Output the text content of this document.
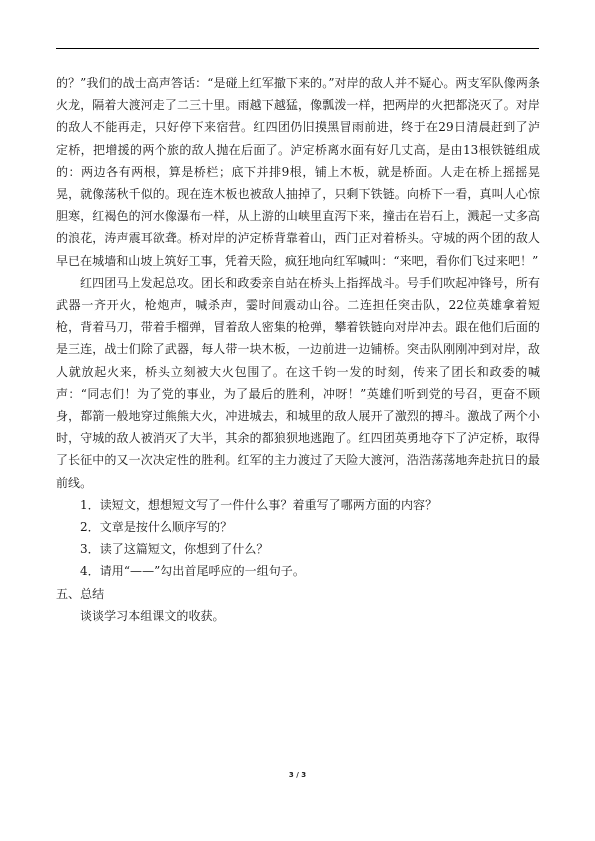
的？”我们的战士高声答话：“是碰上红军撤下来的。”对岸的敌人并不疑心。两支军队像两条火龙，隔着大渡河走了二三十里。雨越下越猛，像瓢泼一样，把两岸的火把都浇灭了。对岸的敌人不能再走，只好停下来宿营。红四团仍旧摸黑冒雨前进，终于在29日清晨赶到了泸定桥，把增援的两个旅的敌人抛在后面了。泸定桥离水面有好几丈高，是由13根铁链组成的：两边各有两根，算是桥栏；底下并排9根，铺上木板，就是桥面。人走在桥上摇摇晃晃，就像荡秋千似的。现在连木板也被敌人抽掉了，只剩下铁链。向桥下一看，真叫人心惊胆寒，红褐色的河水像瀑布一样，从上游的山峡里直泻下来，撞击在岩石上，溅起一丈多高的浪花，涛声震耳欲聋。桥对岸的泸定桥背靠着山，西门正对着桥头。守城的两个团的敌人早已在城墙和山坡上筑好工事，凭着天险，疯狂地向红军喊叫：“来吧，看你们飞过来吧！”

红四团马上发起总攻。团长和政委亲自站在桥头上指挥战斗。号手们吹起冲锋号，所有武器一齐开火，枪炮声，喊杀声，霎时间震动山谷。二连担任突击队，22位英雄拿着短枪，背着马刀，带着手榴弹，冒着敌人密集的枪弹，攀着铁链向对岸冲去。跟在他们后面的是三连，战士们除了武器，每人带一块木板，一边前进一边铺桥。突击队刚刚冲到对岸，敌人就放起火来，桥头立刻被大火包围了。在这千钧一发的时刻，传来了团长和政委的喊声：“同志们！为了党的事业，为了最后的胜利，冲呀！”英雄们听到党的号召，更奋不顾身，都箭一般地穿过熊熊大火，冲进城去，和城里的敌人展开了激烈的搏斗。激战了两个小时，守城的敌人被消灭了大半，其余的都狼狈地逃跑了。红四团英勇地夺下了泸定桥，取得了长征中的又一次决定性的胜利。红军的主力渡过了天险大渡河，浩浩荡荡地奔赴抗日的最前线。

1．读短文，想想短文写了一件什么事？着重写了哪两方面的内容？

2．文章是按什么顺序写的？

3．读了这篇短文，你想到了什么？

4．请用“——”勾出首尾呼应的一组句子。

五、总结

谈谈学习本组课文的收获。

3 / 3
